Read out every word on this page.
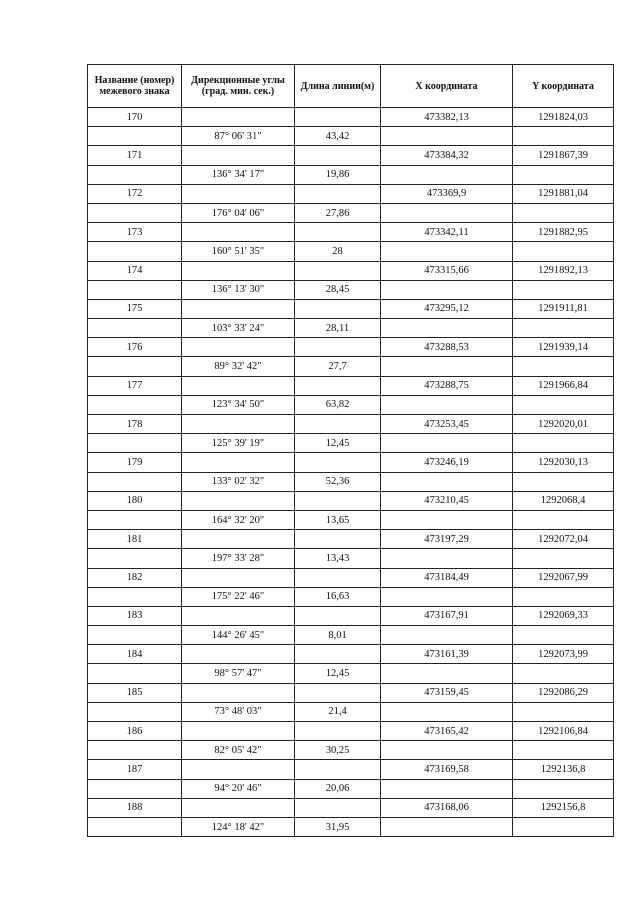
Название (номер) межевого знака	Дирекционные углы (град. мин. сек.)	Длина линии(м)	X координата	Y координата
170			473382,13	1291824,03
	87° 06' 31"	43,42		
171			473384,32	1291867,39
	136° 34' 17"	19,86		
172			473369,9	1291881,04
	176° 04' 06"	27,86		
173			473342,11	1291882,95
	160° 51' 35"	28		
174			473315,66	1291892,13
	136° 13' 30"	28,45		
175			473295,12	1291911,81
	103° 33' 24"	28,11		
176			473288,53	1291939,14
	89° 32' 42"	27,7		
177			473288,75	1291966,84
	123° 34' 50"	63,82		
178			473253,45	1292020,01
	125° 39' 19"	12,45		
179			473246,19	1292030,13
	133° 02' 32"	52,36		
180			473210,45	1292068,4
	164° 32' 20"	13,65		
181			473197,29	1292072,04
	197° 33' 28"	13,43		
182			473184,49	1292067,99
	175° 22' 46"	16,63		
183			473167,91	1292069,33
	144° 26' 45"	8,01		
184			473161,39	1292073,99
	98° 57' 47"	12,45		
185			473159,45	1292086,29
	73° 48' 03"	21,4		
186			473165,42	1292106,84
	82° 05' 42"	30,25		
187			473169,58	1292136,8
	94° 20' 46"	20,06		
188			473168,06	1292156,8
	124° 18' 42"	31,95		
